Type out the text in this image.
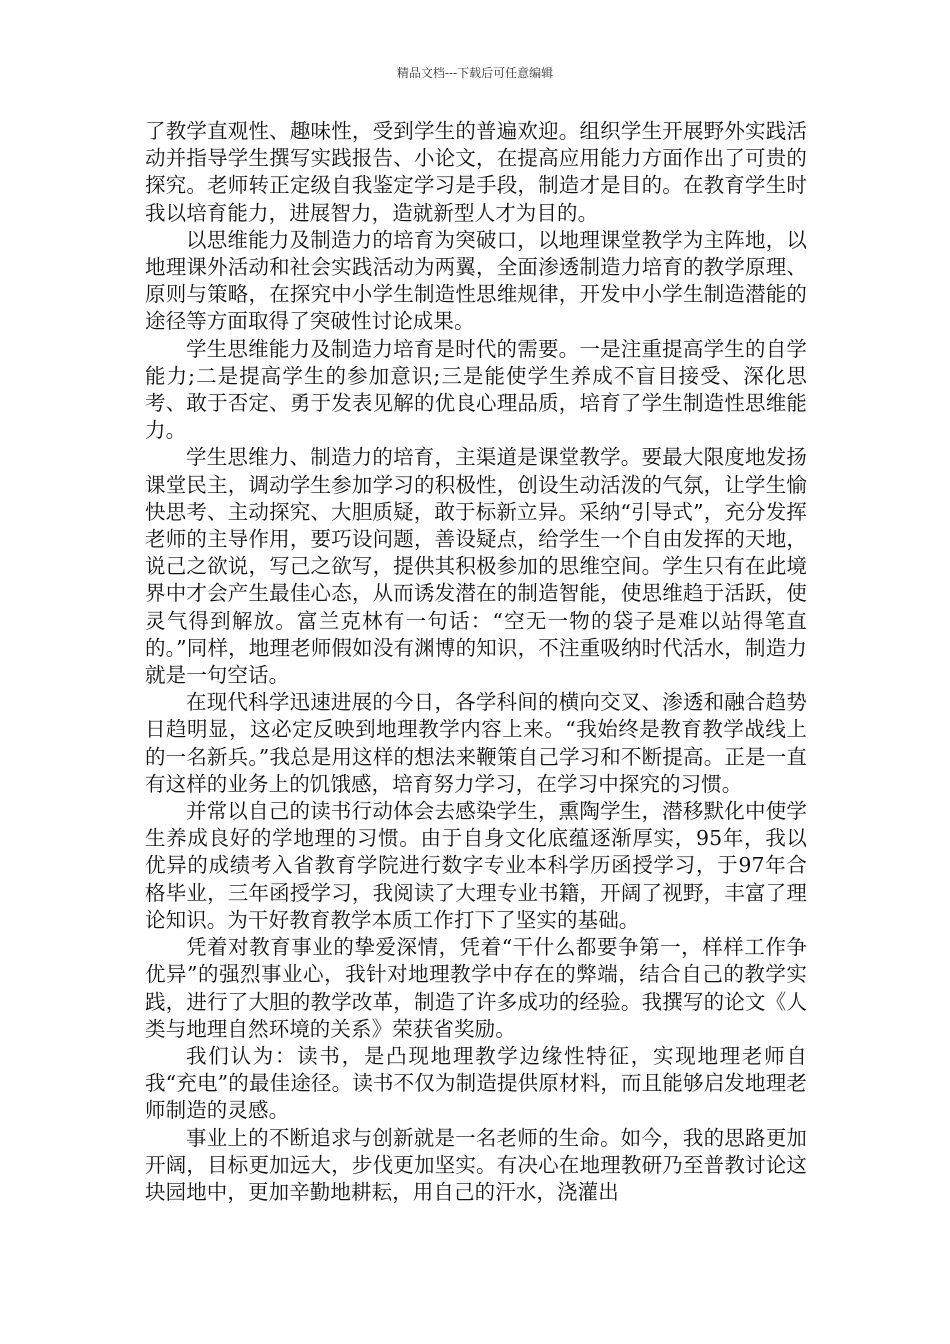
精品文档---下载后可任意编辑

了教学直观性、趣味性，受到学生的普遍欢迎。组织学生开展野外实践活动并指导学生撰写实践报告、小论文，在提高应用能力方面作出了可贵的探究。老师转正定级自我鉴定学习是手段，制造才是目的。在教育学生时我以培育能力，进展智力，造就新型人才为目的。

以思维能力及制造力的培育为突破口，以地理课堂教学为主阵地，以地理课外活动和社会实践活动为两翼，全面渗透制造力培育的教学原理、原则与策略，在探究中小学生制造性思维规律，开发中小学生制造潜能的途径等方面取得了突破性讨论成果。

学生思维能力及制造力培育是时代的需要。一是注重提高学生的自学能力;二是提高学生的参加意识;三是能使学生养成不盲目接受、深化思考、敢于否定、勇于发表见解的优良心理品质，培育了学生制造性思维能力。

学生思维力、制造力的培育，主渠道是课堂教学。要最大限度地发扬课堂民主，调动学生参加学习的积极性，创设生动活泼的气氛，让学生愉快思考、主动探究、大胆质疑，敢于标新立异。采纳“引导式”，充分发挥老师的主导作用，要巧设问题，善设疑点，给学生一个自由发挥的天地，说己之欲说，写己之欲写，提供其积极参加的思维空间。学生只有在此境界中才会产生最佳心态，从而诱发潜在的制造智能，使思维趋于活跃，使灵气得到解放。富兰克林有一句话：“空无一物的袋子是难以站得笔直的。”同样，地理老师假如没有渊博的知识，不注重吸纳时代活水，制造力就是一句空话。

在现代科学迅速进展的今日，各学科间的横向交叉、渗透和融合趋势日趋明显，这必定反映到地理教学内容上来。“我始终是教育教学战线上的一名新兵。”我总是用这样的想法来鞭策自己学习和不断提高。正是一直有这样的业务上的饥饿感，培育努力学习，在学习中探究的习惯。

并常以自己的读书行动体会去感染学生，熏陶学生，潜移默化中使学生养成良好的学地理的习惯。由于自身文化底蕴逐渐厚实，95年，我以优异的成绩考入省教育学院进行数字专业本科学历函授学习，于97年合格毕业，三年函授学习，我阅读了大理专业书籍，开阔了视野，丰富了理论知识。为干好教育教学本质工作打下了坚实的基础。

凭着对教育事业的挚爱深情，凭着“干什么都要争第一，样样工作争优异”的强烈事业心，我针对地理教学中存在的弊端，结合自己的教学实践，进行了大胆的教学改革，制造了许多成功的经验。我撰写的论文《人类与地理自然环境的关系》荣获省奖励。

我们认为：读书，是凸现地理教学边缘性特征，实现地理老师自我“充电”的最佳途径。读书不仅为制造提供原材料，而且能够启发地理老师制造的灵感。

事业上的不断追求与创新就是一名老师的生命。如今，我的思路更加开阔，目标更加远大，步伐更加坚实。有决心在地理教研乃至普教讨论这块园地中，更加辛勤地耕耘，用自己的汗水，浇灌出
